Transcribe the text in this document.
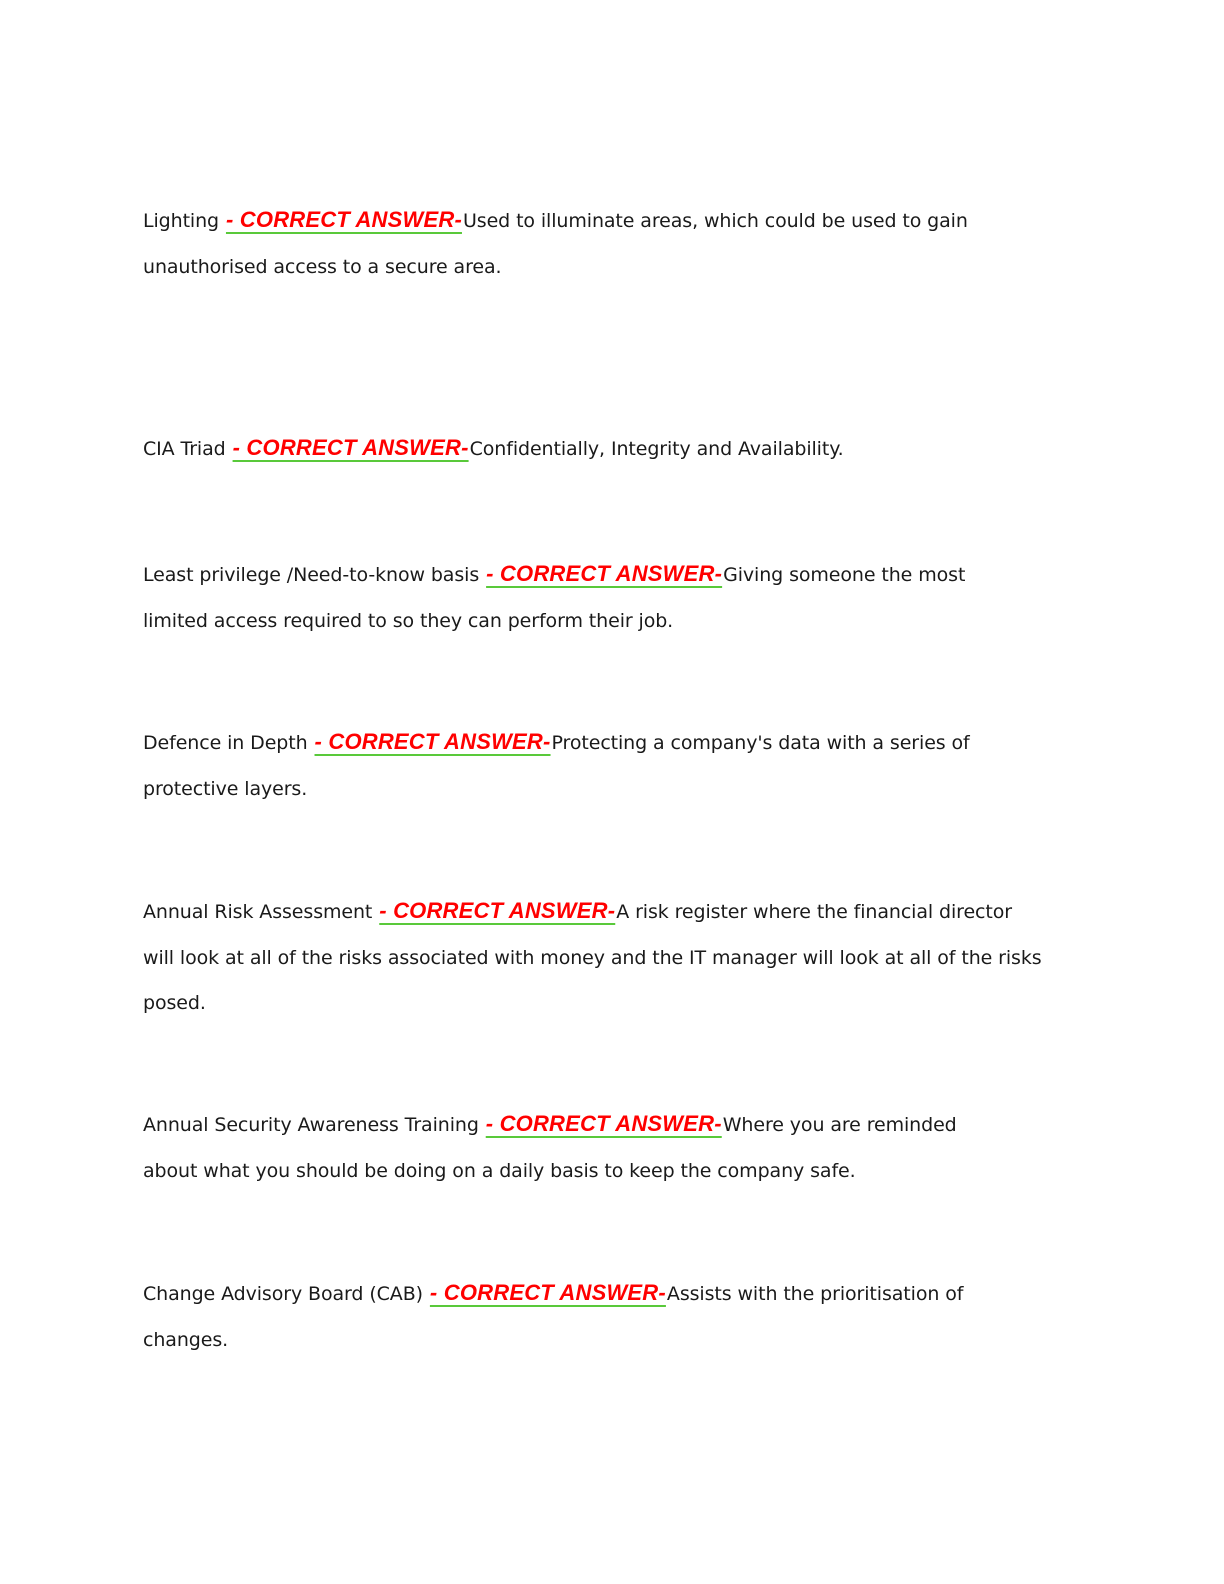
Lighting - CORRECT ANSWER-Used to illuminate areas, which could be used to gain
unauthorised access to a secure area.
CIA Triad - CORRECT ANSWER-Confidentially, Integrity and Availability.
Least privilege /Need-to-know basis - CORRECT ANSWER-Giving someone the most
limited access required to so they can perform their job.
Defence in Depth - CORRECT ANSWER-Protecting a company's data with a series of
protective layers.
Annual Risk Assessment - CORRECT ANSWER-A risk register where the financial director
will look at all of the risks associated with money and the IT manager will look at all of the risks
posed.
Annual Security Awareness Training - CORRECT ANSWER-Where you are reminded
about what you should be doing on a daily basis to keep the company safe.
Change Advisory Board (CAB) - CORRECT ANSWER-Assists with the prioritisation of
changes.
